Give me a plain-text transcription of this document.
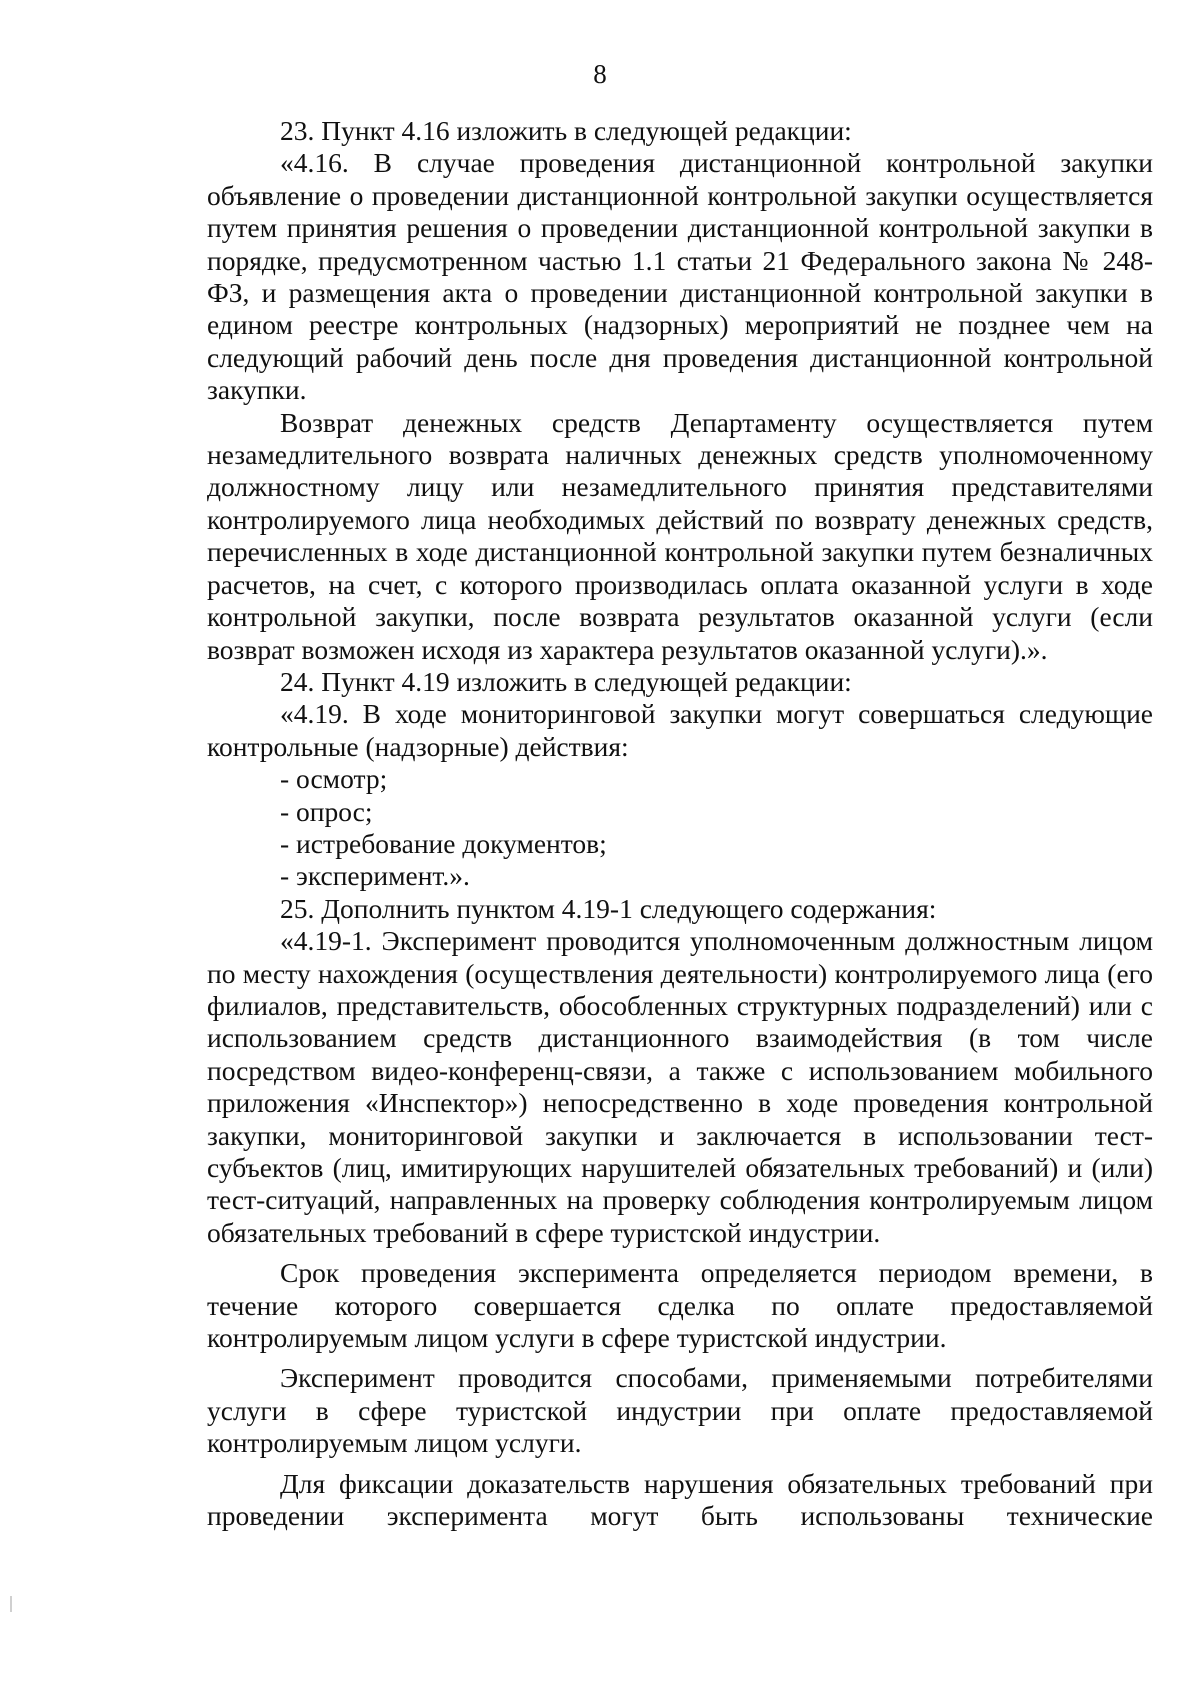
8

23. Пункт 4.16 изложить в следующей редакции:

«4.16. В случае проведения дистанционной контрольной закупки объявление о проведении дистанционной контрольной закупки осуществляется путем принятия решения о проведении дистанционной контрольной закупки в порядке, предусмотренном частью 1.1 статьи 21 Федерального закона № 248-ФЗ, и размещения акта о проведении дистанционной контрольной закупки в едином реестре контрольных (надзорных) мероприятий не позднее чем на следующий рабочий день после дня проведения дистанционной контрольной закупки.

Возврат денежных средств Департаменту осуществляется путем незамедлительного возврата наличных денежных средств уполномоченному должностному лицу или незамедлительного принятия представителями контролируемого лица необходимых действий по возврату денежных средств, перечисленных в ходе дистанционной контрольной закупки путем безналичных расчетов, на счет, с которого производилась оплата оказанной услуги в ходе контрольной закупки, после возврата результатов оказанной услуги (если возврат возможен исходя из характера результатов оказанной услуги).».

24. Пункт 4.19 изложить в следующей редакции:

«4.19. В ходе мониторинговой закупки могут совершаться следующие контрольные (надзорные) действия:

- осмотр;

- опрос;

- истребование документов;

- эксперимент.».

25. Дополнить пунктом 4.19-1 следующего содержания:

«4.19-1. Эксперимент проводится уполномоченным должностным лицом по месту нахождения (осуществления деятельности) контролируемого лица (его филиалов, представительств, обособленных структурных подразделений) или с использованием средств дистанционного взаимодействия (в том числе посредством видео-конференц-связи, а также с использованием мобильного приложения «Инспектор») непосредственно в ходе проведения контрольной закупки, мониторинговой закупки и заключается в использовании тест-субъектов (лиц, имитирующих нарушителей обязательных требований) и (или) тест-ситуаций, направленных на проверку соблюдения контролируемым лицом обязательных требований в сфере туристской индустрии.

Срок проведения эксперимента определяется периодом времени, в течение которого совершается сделка по оплате предоставляемой контролируемым лицом услуги в сфере туристской индустрии.

Эксперимент проводится способами, применяемыми потребителями услуги в сфере туристской индустрии при оплате предоставляемой контролируемым лицом услуги.

Для фиксации доказательств нарушения обязательных требований при проведении эксперимента могут быть использованы технические
